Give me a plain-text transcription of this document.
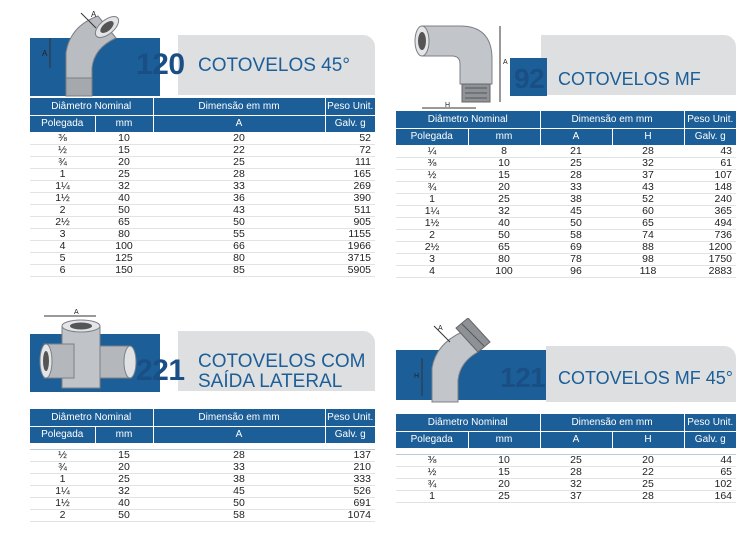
A
A
120 COTOVELOS 45°
Diâmetro Nominal		Dimensão em mm	Peso Unit.
Polegada	mm	A	Galv. g
⅜	10	20	52
½	15	22	72
¾	20	25	111
1	25	28	165
1¼	32	33	269
1½	40	36	390
2	50	43	511
2½	65	50	905
3	80	55	1155
4	100	66	1966
5	125	80	3715
6	150	85	5905
H
A
92 COTOVELOS MF
Diâmetro Nominal		Dimensão em mm		Peso Unit.
Polegada	mm	A	H	Galv. g
¼	8	21	28	43
⅜	10	25	32	61
½	15	28	37	107
¾	20	33	43	148
1	25	38	52	240
1¼	32	45	60	365
1½	40	50	65	494
2	50	58	74	736
2½	65	69	88	1200
3	80	78	98	1750
4	100	96	118	2883
A
221 COTOVELOS COM
SAÍDA LATERAL
Diâmetro Nominal		Dimensão em mm	Peso Unit.
Polegada	mm	A	Galv. g

½	15	28	137
¾	20	33	210
1	25	38	333
1¼	32	45	526
1½	40	50	691
2	50	58	1074
H
A
121 COTOVELOS MF 45°
Diâmetro Nominal		Dimensão em mm		Peso Unit.
Polegada	mm	A	H	Galv. g

⅜	10	25	20	44
½	15	28	22	65
¾	20	32	25	102
1	25	37	28	164
